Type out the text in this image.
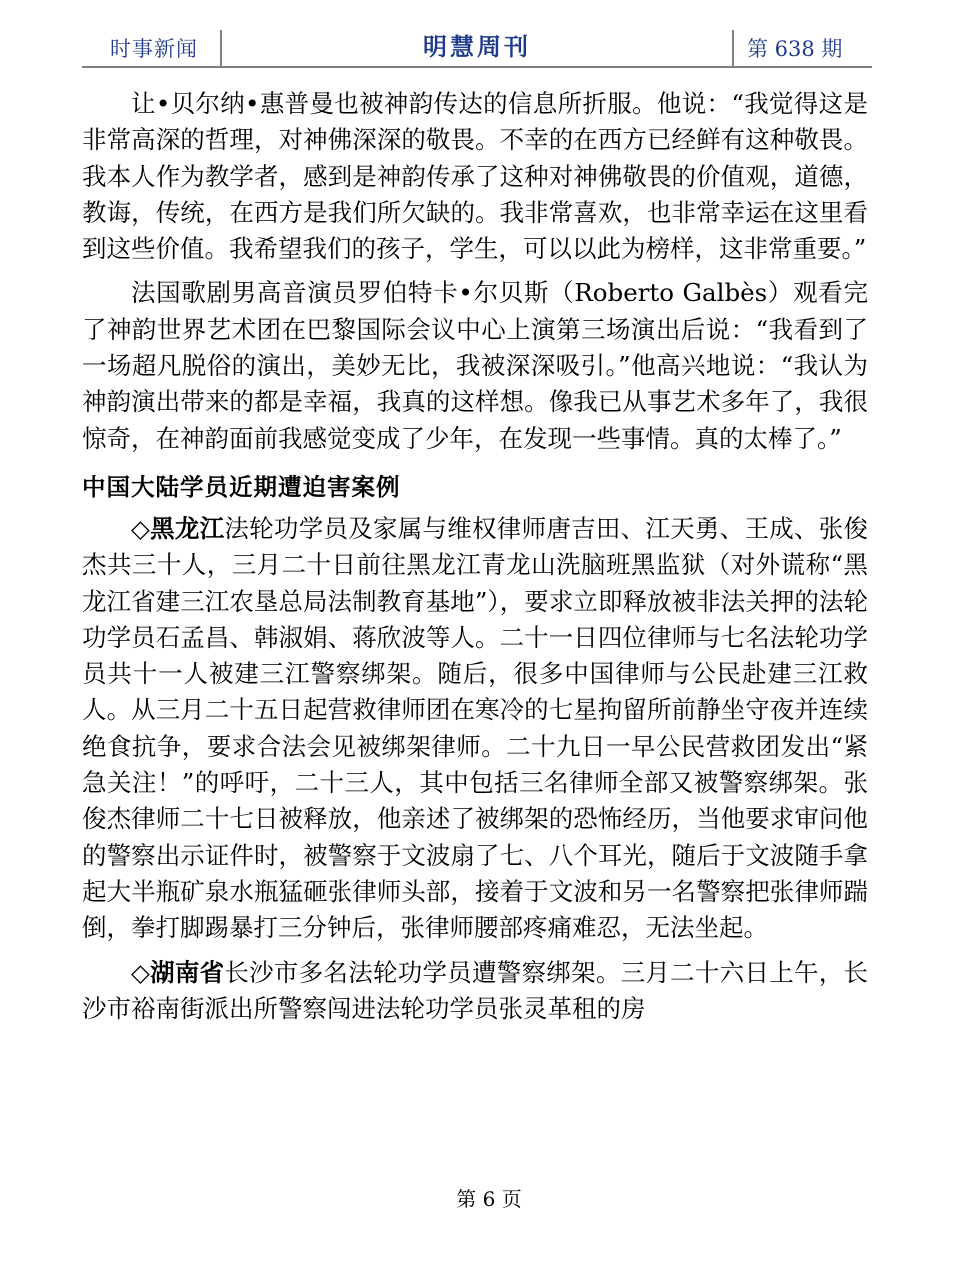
时事新闻	明慧周刊	第 638 期

让•贝尔纳•惠普曼也被神韵传达的信息所折服。他说：“我觉得这是非常高深的哲理，对神佛深深的敬畏。不幸的在西方已经鲜有这种敬畏。我本人作为教学者，感到是神韵传承了这种对神佛敬畏的价值观，道德，教诲，传统，在西方是我们所欠缺的。我非常喜欢，也非常幸运在这里看到这些价值。我希望我们的孩子，学生，可以以此为榜样，这非常重要。”

法国歌剧男高音演员罗伯特卡•尔贝斯（Roberto Galbès）观看完了神韵世界艺术团在巴黎国际会议中心上演第三场演出后说：“我看到了一场超凡脱俗的演出，美妙无比，我被深深吸引。”他高兴地说：“我认为神韵演出带来的都是幸福，我真的这样想。像我已从事艺术多年了，我很惊奇，在神韵面前我感觉变成了少年，在发现一些事情。真的太棒了。”

中国大陆学员近期遭迫害案例

◇黑龙江法轮功学员及家属与维权律师唐吉田、江天勇、王成、张俊杰共三十人，三月二十日前往黑龙江青龙山洗脑班黑监狱（对外谎称“黑龙江省建三江农垦总局法制教育基地”），要求立即释放被非法关押的法轮功学员石孟昌、韩淑娟、蒋欣波等人。二十一日四位律师与七名法轮功学员共十一人被建三江警察绑架。随后，很多中国律师与公民赴建三江救人。从三月二十五日起营救律师团在寒冷的七星拘留所前静坐守夜并连续绝食抗争，要求合法会见被绑架律师。二十九日一早公民营救团发出“紧急关注！”的呼吁，二十三人，其中包括三名律师全部又被警察绑架。张俊杰律师二十七日被释放，他亲述了被绑架的恐怖经历，当他要求审问他的警察出示证件时，被警察于文波扇了七、八个耳光，随后于文波随手拿起大半瓶矿泉水瓶猛砸张律师头部，接着于文波和另一名警察把张律师踹倒，拳打脚踢暴打三分钟后，张律师腰部疼痛难忍，无法坐起。

◇湖南省长沙市多名法轮功学员遭警察绑架。三月二十六日上午，长沙市裕南街派出所警察闯进法轮功学员张灵革租的房

第 6 页
